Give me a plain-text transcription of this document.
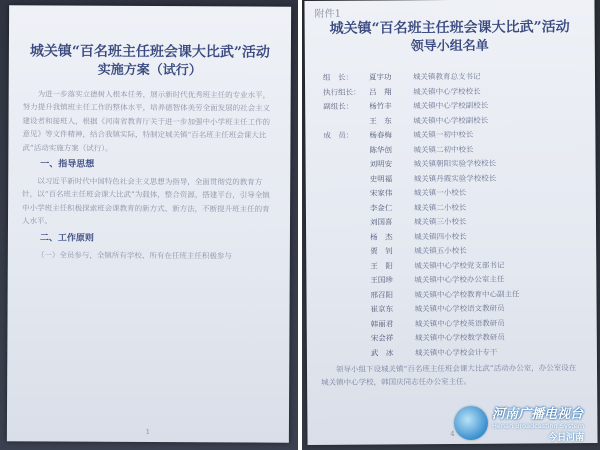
城关镇“百名班主任班会课大比武”活动
实施方案（试行）

为进一步落实立德树人根本任务，展示新时代优秀班主任的专业水平，努力提升我镇班主任工作的整体水平，培养德智体美劳全面发展的社会主义建设者和接班人，根据《河南省教育厅关于进一步加强中小学班主任工作的意见》等文件精神，结合我镇实际，特制定城关镇“百名班主任班会课大比武”活动实施方案（试行）。

一、指导思想

以习近平新时代中国特色社会主义思想为指导，全面贯彻党的教育方针，以“百名班主任班会课大比武”为载体，整合资源，搭建平台，引导全镇中小学班主任积极探索班会课教育的新方式、新方法，不断提升班主任的育人水平。

二、工作原则

（一）全员参与，全镇所有学校、所有在任班主任积极参与

1
附件1
城关镇“百名班主任班会课大比武”活动
领导小组名单
组　长：	夏宇功	城关镇教育总支书记
执行组长：	吕　翔	城关镇中心学校校长
副组长：	杨竹丰	城关镇中心学校副校长
王　东	城关镇中心学校副校长
成　员：	杨春梅	城关镇一初中校长
陈华创	城关镇二初中校长
刘明安	城关镇朝阳实验学校校长
史明福	城关镇丹霞实验学校校长
宋家伟	城关镇一小校长
李金仁	城关镇二小校长
刘国喜	城关镇三小校长
杨　杰	城关镇四小校长
贾　钊	城关镇五小校长
王　阳	城关镇中心学校党支部书记
王国珍	城关镇中心学校办公室主任
邢召阳	城关镇中心学校教育中心副主任
崔京东	城关镇中心学校语文教研员
韩丽君	城关镇中心学校英语教研员
宋会祥	城关镇中心学校数学教研员
武　冰	城关镇中心学校会计专干
领导小组下设城关镇“百名班主任班会课大比武”活动办公室，办公室设在城关镇中心学校，韩国庆同志任办公室主任。
4
河南广播电视台
Henan Broadcasting System
今日河南
